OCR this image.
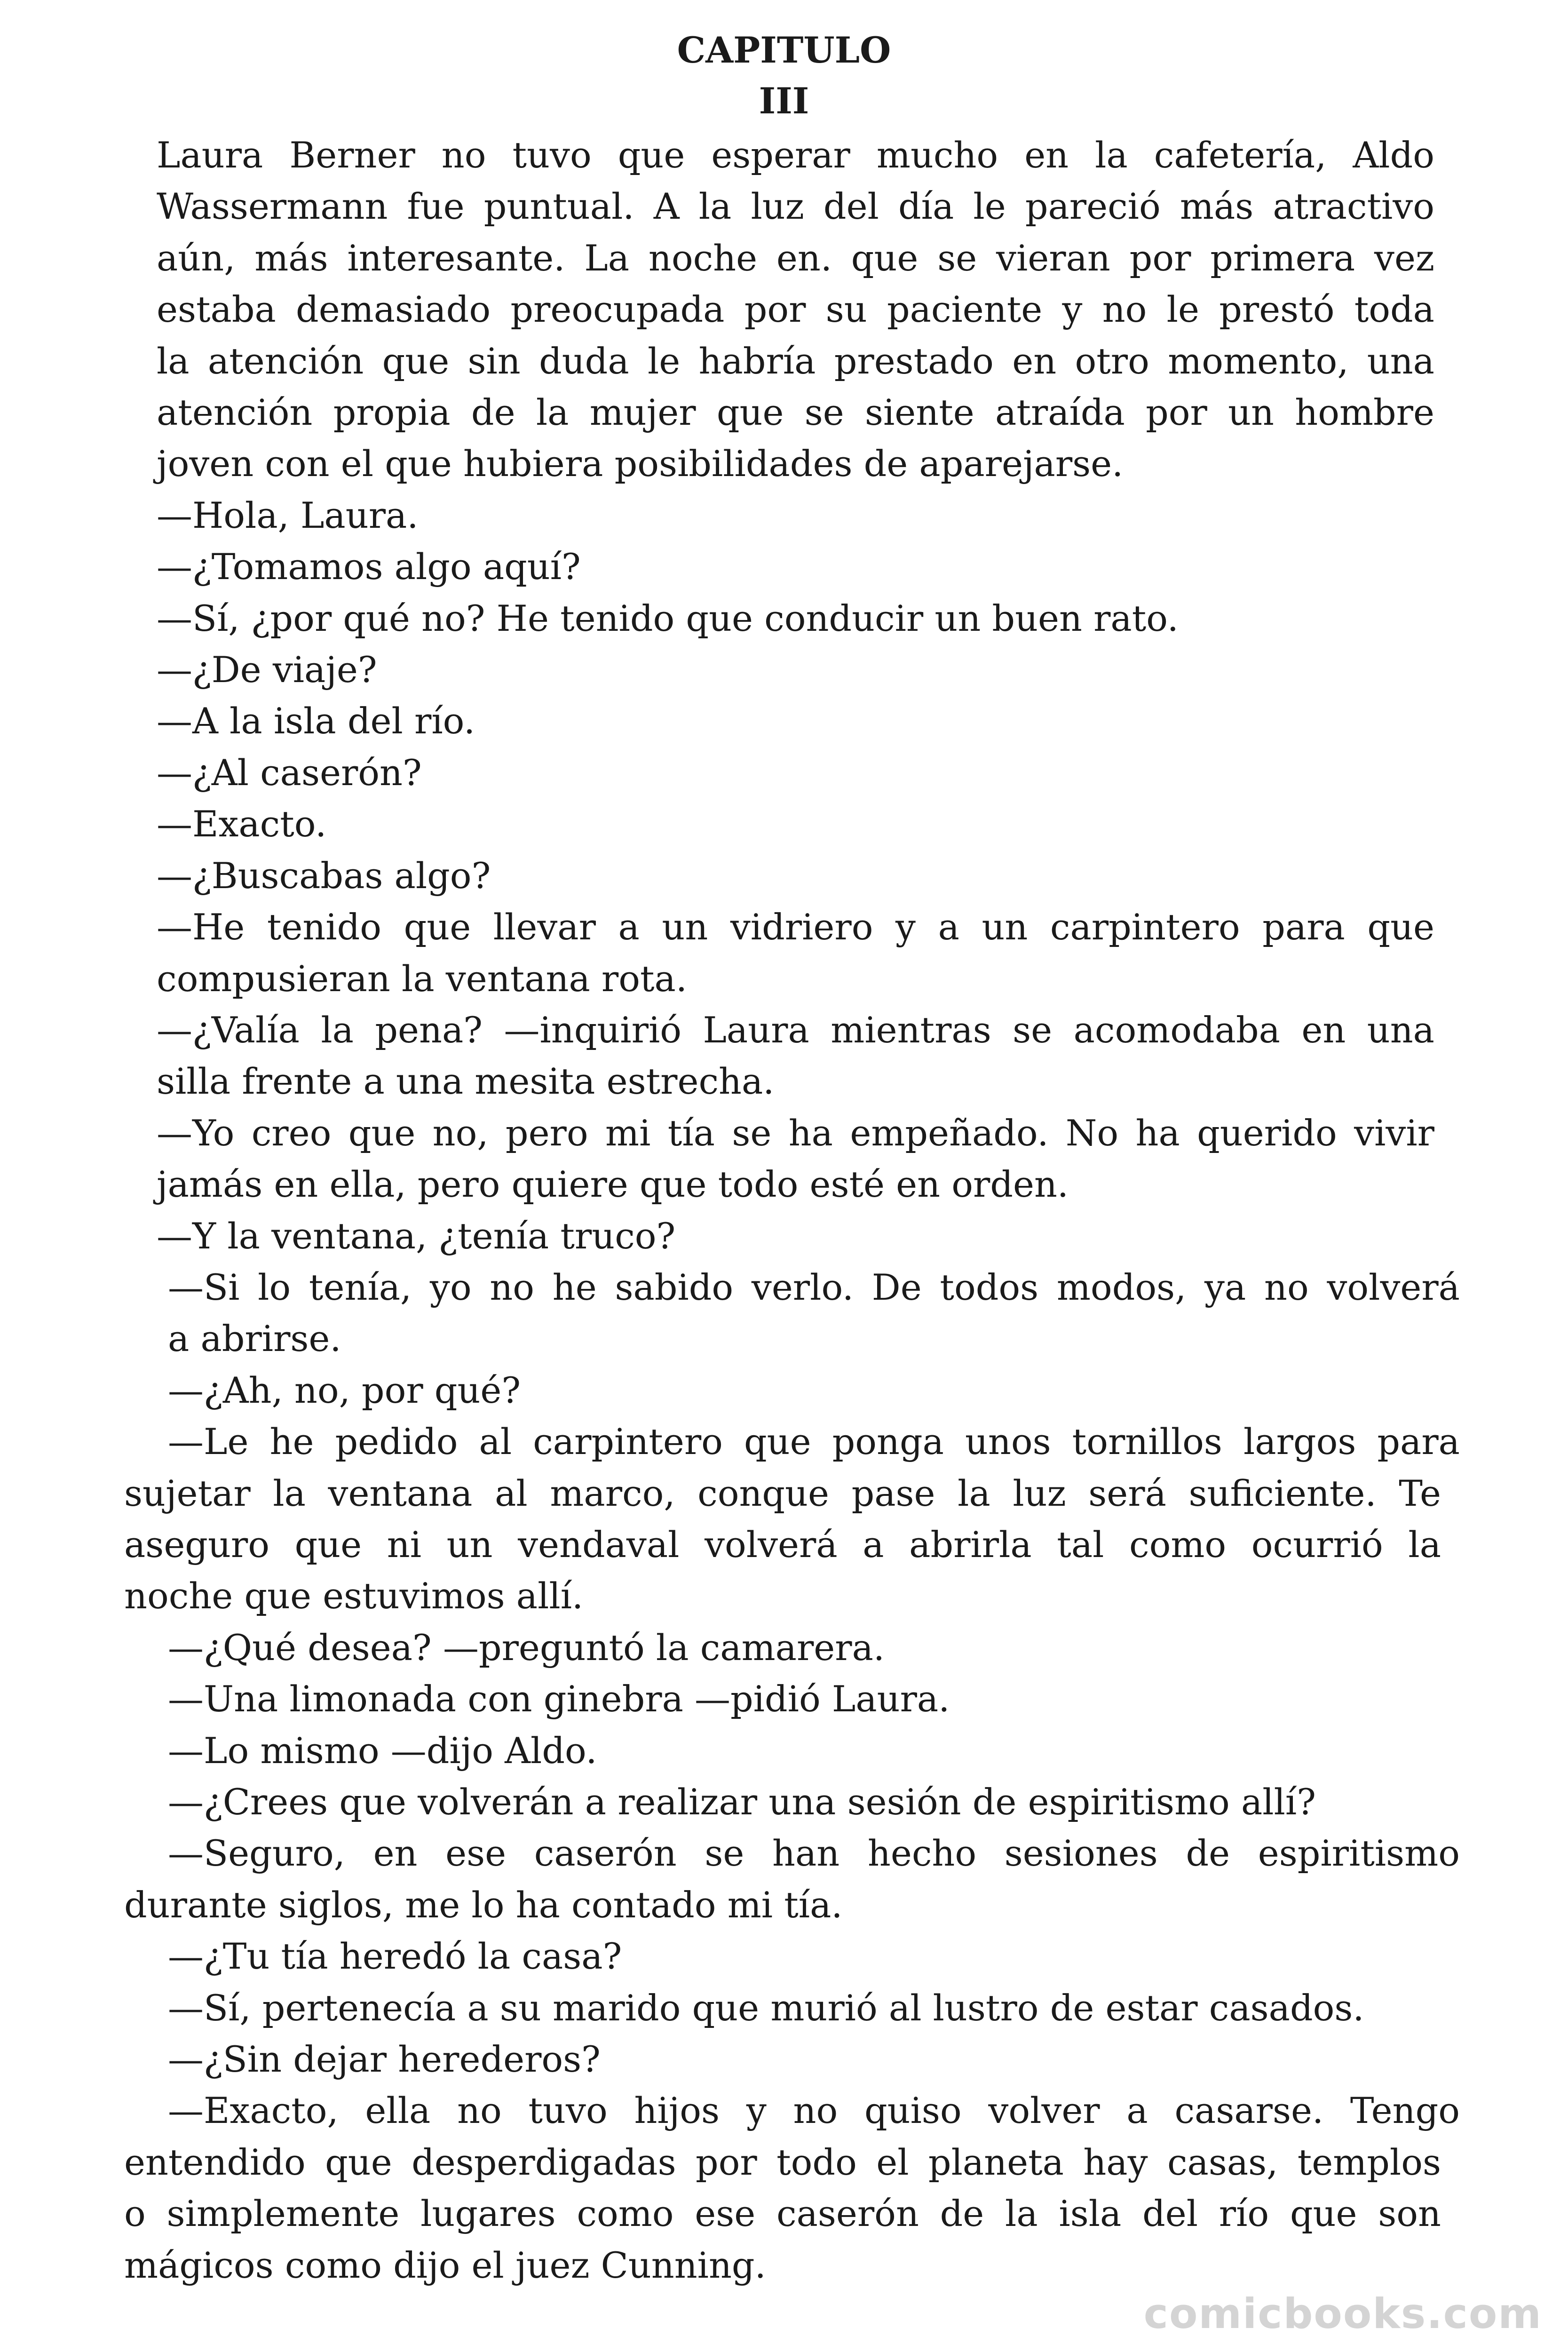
CAPITULO
III
Laura Berner no tuvo que esperar mucho en la cafetería, Aldo
Wassermann fue puntual. A la luz del día le pareció más atractivo
aún, más interesante. La noche en. que se vieran por primera vez
estaba demasiado preocupada por su paciente y no le prestó toda
la atención que sin duda le habría prestado en otro momento, una
atención propia de la mujer que se siente atraída por un hombre
joven con el que hubiera posibilidades de aparejarse.
—Hola, Laura.
—¿Tomamos algo aquí?
—Sí, ¿por qué no? He tenido que conducir un buen rato.
—¿De viaje?
—A la isla del río.
—¿Al caserón?
—Exacto.
—¿Buscabas algo?
—He tenido que llevar a un vidriero y a un carpintero para que
compusieran la ventana rota.
—¿Valía la pena? —inquirió Laura mientras se acomodaba en una
silla frente a una mesita estrecha.
—Yo creo que no, pero mi tía se ha empeñado. No ha querido vivir
jamás en ella, pero quiere que todo esté en orden.
—Y la ventana, ¿tenía truco?
—Si lo tenía, yo no he sabido verlo. De todos modos, ya no volverá
a abrirse.
—¿Ah, no, por qué?
—Le he pedido al carpintero que ponga unos tornillos largos para
sujetar la ventana al marco, conque pase la luz será suficiente. Te
aseguro que ni un vendaval volverá a abrirla tal como ocurrió la
noche que estuvimos allí.
—¿Qué desea? —preguntó la camarera.
—Una limonada con ginebra —pidió Laura.
—Lo mismo —dijo Aldo.
—¿Crees que volverán a realizar una sesión de espiritismo allí?
—Seguro, en ese caserón se han hecho sesiones de espiritismo
durante siglos, me lo ha contado mi tía.
—¿Tu tía heredó la casa?
—Sí, pertenecía a su marido que murió al lustro de estar casados.
—¿Sin dejar herederos?
—Exacto, ella no tuvo hijos y no quiso volver a casarse. Tengo
entendido que desperdigadas por todo el planeta hay casas, templos
o simplemente lugares como ese caserón de la isla del río que son
mágicos como dijo el juez Cunning.
comicbooks.com
